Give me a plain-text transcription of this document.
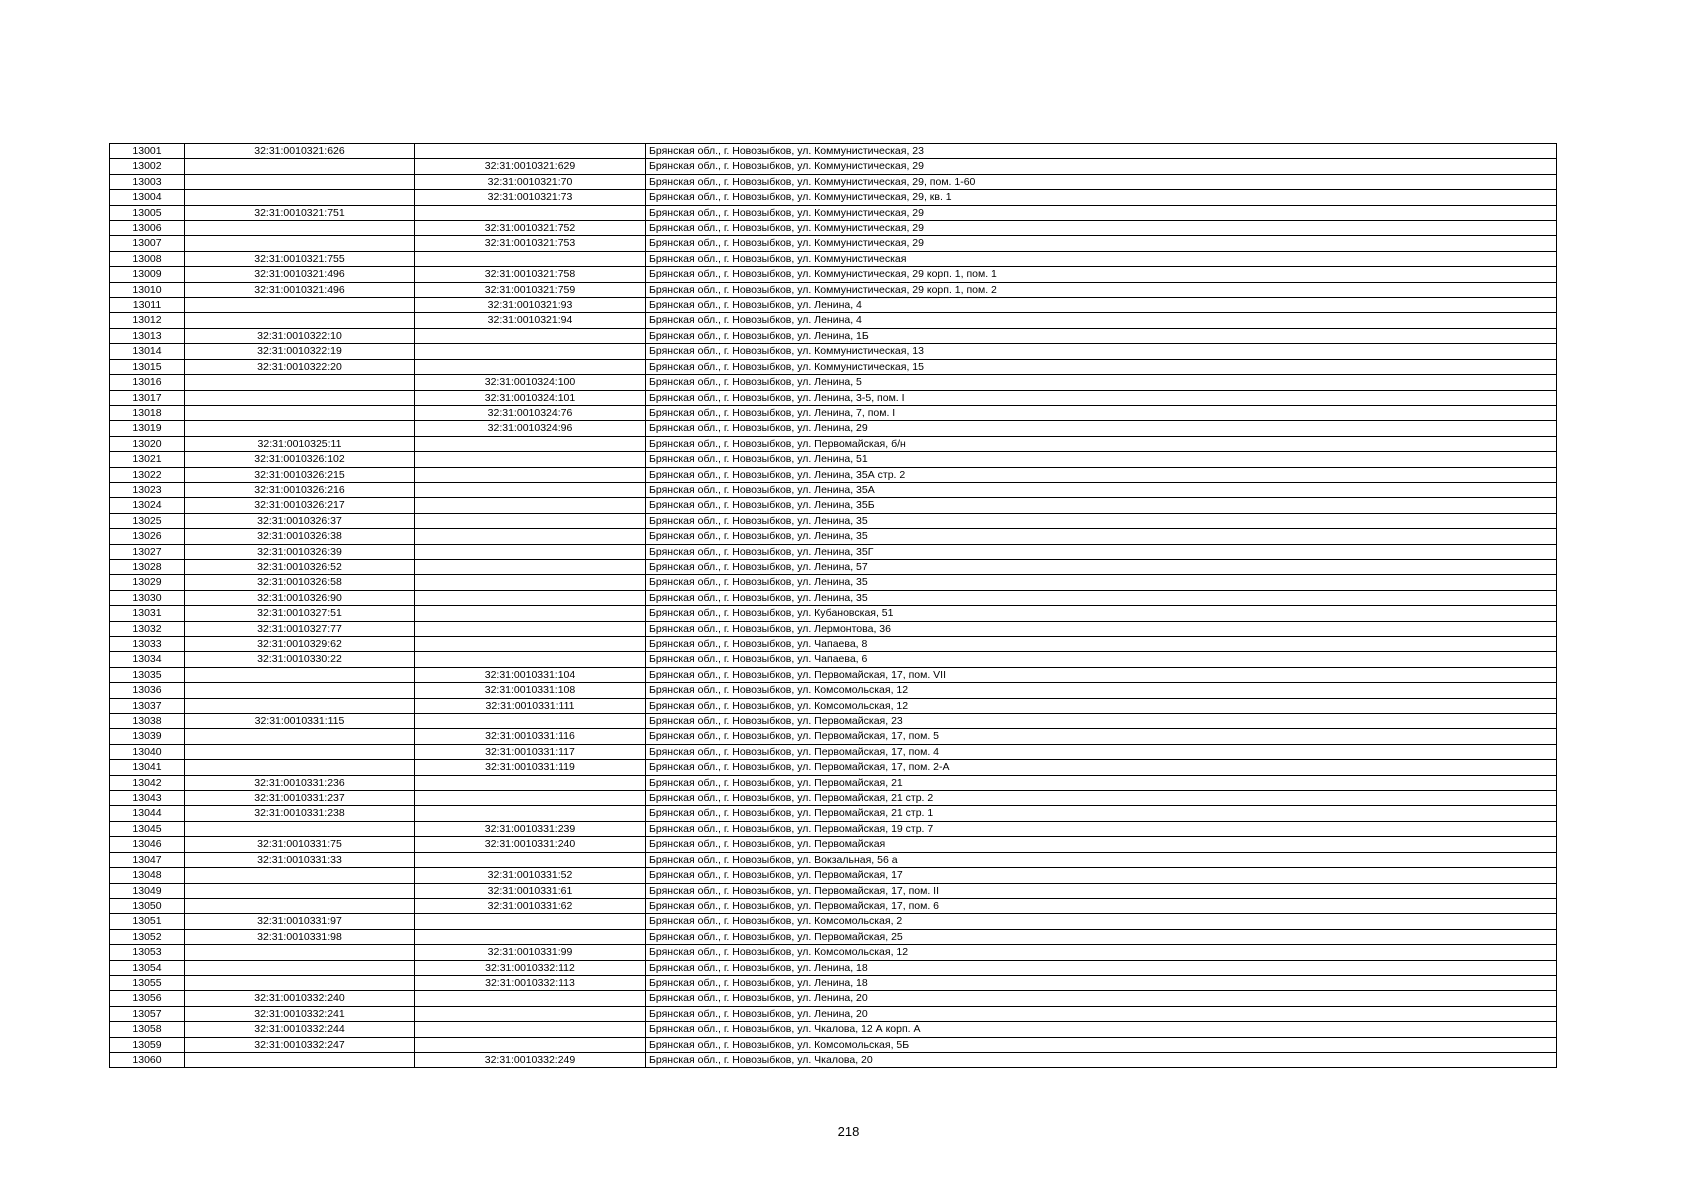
13001	32:31:0010321:626		Брянская обл., г. Новозыбков, ул. Коммунистическая, 23
13002		32:31:0010321:629	Брянская обл., г. Новозыбков, ул. Коммунистическая, 29
13003		32:31:0010321:70	Брянская обл., г. Новозыбков, ул. Коммунистическая, 29, пом. 1-60
13004		32:31:0010321:73	Брянская обл., г. Новозыбков, ул. Коммунистическая, 29, кв. 1
13005	32:31:0010321:751		Брянская обл., г. Новозыбков, ул. Коммунистическая, 29
13006		32:31:0010321:752	Брянская обл., г. Новозыбков, ул. Коммунистическая, 29
13007		32:31:0010321:753	Брянская обл., г. Новозыбков, ул. Коммунистическая, 29
13008	32:31:0010321:755		Брянская обл., г. Новозыбков, ул. Коммунистическая
13009	32:31:0010321:496	32:31:0010321:758	Брянская обл., г. Новозыбков, ул. Коммунистическая, 29 корп. 1, пом. 1
13010	32:31:0010321:496	32:31:0010321:759	Брянская обл., г. Новозыбков, ул. Коммунистическая, 29 корп. 1, пом. 2
13011		32:31:0010321:93	Брянская обл., г. Новозыбков, ул. Ленина, 4
13012		32:31:0010321:94	Брянская обл., г. Новозыбков, ул. Ленина, 4
13013	32:31:0010322:10		Брянская обл., г. Новозыбков, ул. Ленина, 1Б
13014	32:31:0010322:19		Брянская обл., г. Новозыбков, ул. Коммунистическая, 13
13015	32:31:0010322:20		Брянская обл., г. Новозыбков, ул. Коммунистическая, 15
13016		32:31:0010324:100	Брянская обл., г. Новозыбков, ул. Ленина, 5
13017		32:31:0010324:101	Брянская обл., г. Новозыбков, ул. Ленина, 3-5, пом. I
13018		32:31:0010324:76	Брянская обл., г. Новозыбков, ул. Ленина, 7, пом. I
13019		32:31:0010324:96	Брянская обл., г. Новозыбков, ул. Ленина, 29
13020	32:31:0010325:11		Брянская обл., г. Новозыбков, ул. Первомайская, б/н
13021	32:31:0010326:102		Брянская обл., г. Новозыбков, ул. Ленина, 51
13022	32:31:0010326:215		Брянская обл., г. Новозыбков, ул. Ленина, 35А стр. 2
13023	32:31:0010326:216		Брянская обл., г. Новозыбков, ул. Ленина, 35А
13024	32:31:0010326:217		Брянская обл., г. Новозыбков, ул. Ленина, 35Б
13025	32:31:0010326:37		Брянская обл., г. Новозыбков, ул. Ленина, 35
13026	32:31:0010326:38		Брянская обл., г. Новозыбков, ул. Ленина, 35
13027	32:31:0010326:39		Брянская обл., г. Новозыбков, ул. Ленина, 35Г
13028	32:31:0010326:52		Брянская обл., г. Новозыбков, ул. Ленина, 57
13029	32:31:0010326:58		Брянская обл., г. Новозыбков, ул. Ленина, 35
13030	32:31:0010326:90		Брянская обл., г. Новозыбков, ул. Ленина, 35
13031	32:31:0010327:51		Брянская обл., г. Новозыбков, ул. Кубановская, 51
13032	32:31:0010327:77		Брянская обл., г. Новозыбков, ул. Лермонтова, 36
13033	32:31:0010329:62		Брянская обл., г. Новозыбков, ул. Чапаева, 8
13034	32:31:0010330:22		Брянская обл., г. Новозыбков, ул. Чапаева, 6
13035		32:31:0010331:104	Брянская обл., г. Новозыбков, ул. Первомайская, 17, пом. VII
13036		32:31:0010331:108	Брянская обл., г. Новозыбков, ул. Комсомольская, 12
13037		32:31:0010331:111	Брянская обл., г. Новозыбков, ул. Комсомольская, 12
13038	32:31:0010331:115		Брянская обл., г. Новозыбков, ул. Первомайская, 23
13039		32:31:0010331:116	Брянская обл., г. Новозыбков, ул. Первомайская, 17, пом. 5
13040		32:31:0010331:117	Брянская обл., г. Новозыбков, ул. Первомайская, 17, пом. 4
13041		32:31:0010331:119	Брянская обл., г. Новозыбков, ул. Первомайская, 17, пом. 2-А
13042	32:31:0010331:236		Брянская обл., г. Новозыбков, ул. Первомайская, 21
13043	32:31:0010331:237		Брянская обл., г. Новозыбков, ул. Первомайская, 21 стр. 2
13044	32:31:0010331:238		Брянская обл., г. Новозыбков, ул. Первомайская, 21 стр. 1
13045		32:31:0010331:239	Брянская обл., г. Новозыбков, ул. Первомайская, 19 стр. 7
13046	32:31:0010331:75	32:31:0010331:240	Брянская обл., г. Новозыбков, ул. Первомайская
13047	32:31:0010331:33		Брянская обл., г. Новозыбков, ул. Вокзальная, 56 а
13048		32:31:0010331:52	Брянская обл., г. Новозыбков, ул. Первомайская, 17
13049		32:31:0010331:61	Брянская обл., г. Новозыбков, ул. Первомайская, 17, пом. II
13050		32:31:0010331:62	Брянская обл., г. Новозыбков, ул. Первомайская, 17, пом. 6
13051	32:31:0010331:97		Брянская обл., г. Новозыбков, ул. Комсомольская, 2
13052	32:31:0010331:98		Брянская обл., г. Новозыбков, ул. Первомайская, 25
13053		32:31:0010331:99	Брянская обл., г. Новозыбков, ул. Комсомольская, 12
13054		32:31:0010332:112	Брянская обл., г. Новозыбков, ул. Ленина, 18
13055		32:31:0010332:113	Брянская обл., г. Новозыбков, ул. Ленина, 18
13056	32:31:0010332:240		Брянская обл., г. Новозыбков, ул. Ленина, 20
13057	32:31:0010332:241		Брянская обл., г. Новозыбков, ул. Ленина, 20
13058	32:31:0010332:244		Брянская обл., г. Новозыбков, ул. Чкалова, 12 А корп. А
13059	32:31:0010332:247		Брянская обл., г. Новозыбков, ул. Комсомольская, 5Б
13060		32:31:0010332:249	Брянская обл., г. Новозыбков, ул. Чкалова, 20
218
